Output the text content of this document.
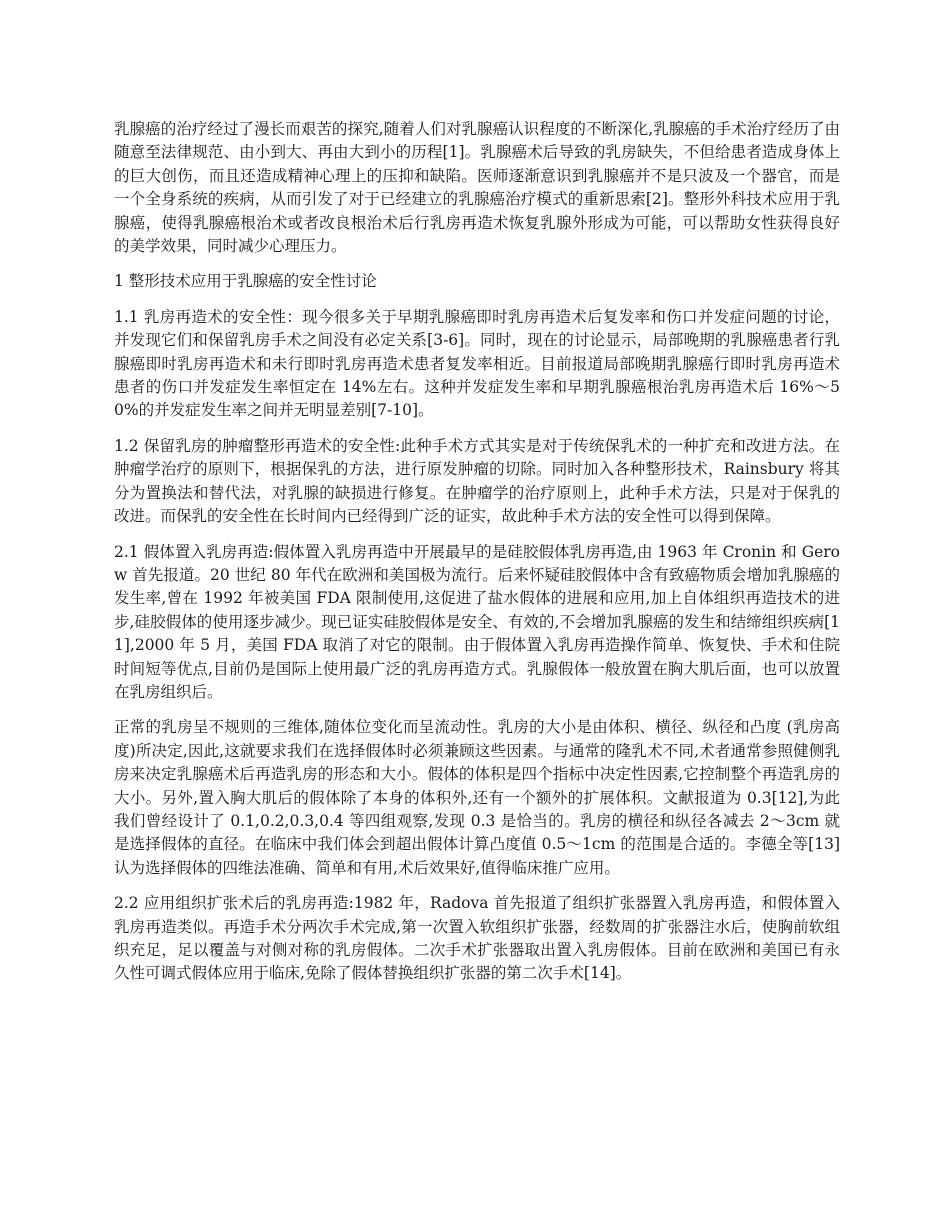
乳腺癌的治疗经过了漫长而艰苦的探究,随着人们对乳腺癌认识程度的不断深化,乳腺癌的手术治疗经历了由随意至法律规范、由小到大、再由大到小的历程[1]。乳腺癌术后导致的乳房缺失，不但给患者造成身体上的巨大创伤，而且还造成精神心理上的压抑和缺陷。医师逐渐意识到乳腺癌并不是只波及一个器官，而是一个全身系统的疾病，从而引发了对于已经建立的乳腺癌治疗模式的重新思索[2]。整形外科技术应用于乳腺癌，使得乳腺癌根治术或者改良根治术后行乳房再造术恢复乳腺外形成为可能，可以帮助女性获得良好的美学效果，同时减少心理压力。

1 整形技术应用于乳腺癌的安全性讨论

1.1 乳房再造术的安全性：现今很多关于早期乳腺癌即时乳房再造术后复发率和伤口并发症问题的讨论，并发现它们和保留乳房手术之间没有必定关系[3-6]。同时，现在的讨论显示，局部晚期的乳腺癌患者行乳腺癌即时乳房再造术和未行即时乳房再造术患者复发率相近。目前报道局部晚期乳腺癌行即时乳房再造术患者的伤口并发症发生率恒定在 14%左右。这种并发症发生率和早期乳腺癌根治乳房再造术后 16%～50%的并发症发生率之间并无明显差别[7-10]。

1.2 保留乳房的肿瘤整形再造术的安全性:此种手术方式其实是对于传统保乳术的一种扩充和改进方法。在肿瘤学治疗的原则下，根据保乳的方法，进行原发肿瘤的切除。同时加入各种整形技术，Rainsbury 将其分为置换法和替代法，对乳腺的缺损进行修复。在肿瘤学的治疗原则上，此种手术方法，只是对于保乳的改进。而保乳的安全性在长时间内已经得到广泛的证实，故此种手术方法的安全性可以得到保障。

2.1 假体置入乳房再造:假体置入乳房再造中开展最早的是硅胶假体乳房再造,由 1963 年 Cronin 和 Gerow 首先报道。20 世纪 80 年代在欧洲和美国极为流行。后来怀疑硅胶假体中含有致癌物质会增加乳腺癌的发生率,曾在 1992 年被美国 FDA 限制使用,这促进了盐水假体的进展和应用,加上自体组织再造技术的进步,硅胶假体的使用逐步减少。现已证实硅胶假体是安全、有效的,不会增加乳腺癌的发生和结缔组织疾病[11],2000 年 5 月，美国 FDA 取消了对它的限制。由于假体置入乳房再造操作简单、恢复快、手术和住院时间短等优点,目前仍是国际上使用最广泛的乳房再造方式。乳腺假体一般放置在胸大肌后面，也可以放置在乳房组织后。

正常的乳房呈不规则的三维体,随体位变化而呈流动性。乳房的大小是由体积、横径、纵径和凸度 (乳房高度)所决定,因此,这就要求我们在选择假体时必须兼顾这些因素。与通常的隆乳术不同,术者通常参照健侧乳房来决定乳腺癌术后再造乳房的形态和大小。假体的体积是四个指标中决定性因素,它控制整个再造乳房的大小。另外,置入胸大肌后的假体除了本身的体积外,还有一个额外的扩展体积。文献报道为 0.3[12],为此我们曾经设计了 0.1,0.2,0.3,0.4 等四组观察,发现 0.3 是恰当的。乳房的横径和纵径各减去 2～3cm 就是选择假体的直径。在临床中我们体会到超出假体计算凸度值 0.5～1cm 的范围是合适的。李德全等[13]认为选择假体的四维法准确、简单和有用,术后效果好,值得临床推广应用。

2.2 应用组织扩张术后的乳房再造:1982 年，Radova 首先报道了组织扩张器置入乳房再造，和假体置入乳房再造类似。再造手术分两次手术完成,第一次置入软组织扩张器，经数周的扩张器注水后，使胸前软组织充足，足以覆盖与对侧对称的乳房假体。二次手术扩张器取出置入乳房假体。目前在欧洲和美国已有永久性可调式假体应用于临床,免除了假体替换组织扩张器的第二次手术[14]。
